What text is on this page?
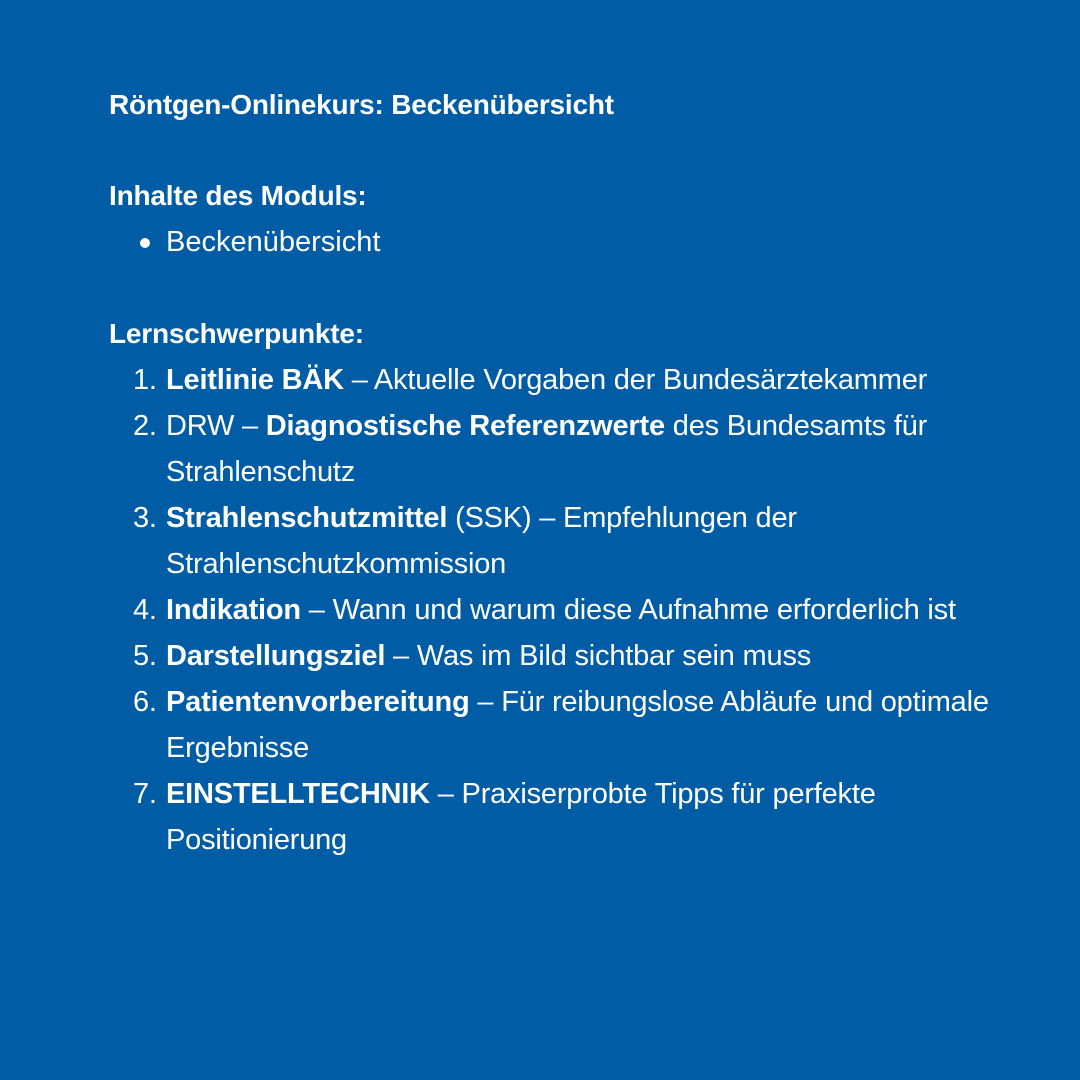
Röntgen-Onlinekurs: Beckenübersicht
Inhalte des Moduls:
Beckenübersicht
Lernschwerpunkte:
1. Leitlinie BÄK – Aktuelle Vorgaben der Bundesärztekammer
2. DRW – Diagnostische Referenzwerte des Bundesamts für Strahlenschutz
3. Strahlenschutzmittel (SSK) – Empfehlungen der Strahlenschutzkommission
4. Indikation – Wann und warum diese Aufnahme erforderlich ist
5. Darstellungsziel – Was im Bild sichtbar sein muss
6. Patientenvorbereitung – Für reibungslose Abläufe und optimale Ergebnisse
7. EINSTELLTECHNIK – Praxiserprobte Tipps für perfekte Positionierung
